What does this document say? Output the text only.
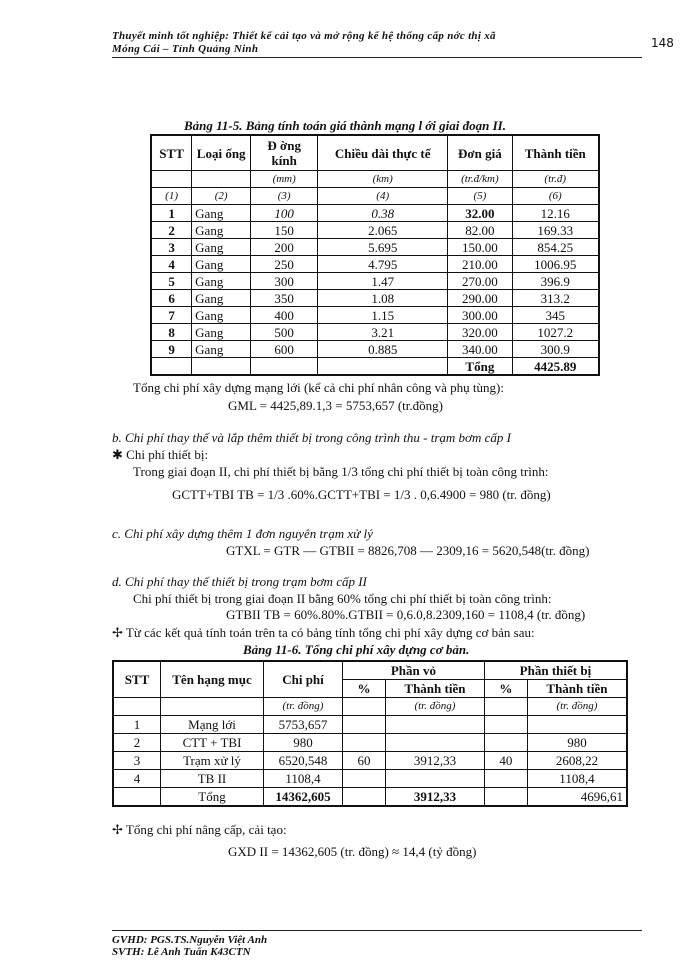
Thuyết minh tốt nghiệp: Thiết kế cải tạo và mở rộng kế hệ thống cấp nớc thị xã
Móng Cái – Tỉnh Quảng Ninh	148
Bảng 11-5. Bảng tính toán giá thành mạng l ới giai đoạn II.
STT	Loại ống	Đ ờng kính	Chiều dài thực tế	Đơn giá	Thành tiền
		(mm)	(km)	(tr.đ/km)	(tr.đ)
(1)	(2)	(3)	(4)	(5)	(6)
1	Gang	100	0.38	32.00	12.16
2	Gang	150	2.065	82.00	169.33
3	Gang	200	5.695	150.00	854.25
4	Gang	250	4.795	210.00	1006.95
5	Gang	300	1.47	270.00	396.9
6	Gang	350	1.08	290.00	313.2
7	Gang	400	1.15	300.00	345
8	Gang	500	3.21	320.00	1027.2
9	Gang	600	0.885	340.00	300.9
				Tổng	4425.89
Tổng chi phí xây dựng mạng lới (kể cả chi phí nhân công và phụ tùng):
GML = 4425,89.1,3 = 5753,657 (tr.đồng)
b. Chi phí thay thế và lắp thêm thiết bị trong công trình thu - trạm bơm cấp I
✱ Chi phí thiết bị:
Trong giai đoạn II, chi phí thiết bị bằng 1/3 tổng chi phí thiết bị toàn công trình:
GCTT+TBI TB = 1/3 .60%.GCTT+TBI = 1/3 . 0,6.4900 = 980 (tr. đồng)
c. Chi phí xây dựng thêm 1 đơn nguyên trạm xử lý
GTXL = GTR — GTBII = 8826,708 — 2309,16 = 5620,548(tr. đồng)
d. Chi phí thay thế thiết bị trong trạm bơm cấp II
Chi phí thiết bị trong giai đoạn II bằng 60% tổng chi phí thiết bị toàn công trình:
GTBII TB = 60%.80%.GTBII = 0,6.0,8.2309,160 = 1108,4 (tr. đồng)
✢ Từ các kết quả tính toán trên ta có bảng tính tổng chi phí xây dựng cơ bản sau:
Bảng 11-6. Tổng chi phí xây dựng cơ bản.
STT	Tên hạng mục	Chi phí	Phần vỏ		Phần thiết bị	
			%	Thành tiền	%	Thành tiền
		(tr. đồng)		(tr. đồng)		(tr. đồng)
1	Mạng lới	5753,657				
2	CTT + TBI	980				980
3	Trạm xử lý	6520,548	60	3912,33	40	2608,22
4	TB II	1108,4				1108,4
	Tổng	14362,605		3912,33		4696,61
✢ Tổng chi phí nâng cấp, cải tạo:
GXD II = 14362,605 (tr. đồng) ≈ 14,4 (tỷ đồng)
GVHD: PGS.TS.Nguyễn Việt Anh
SVTH: Lê Anh Tuấn K43CTN
